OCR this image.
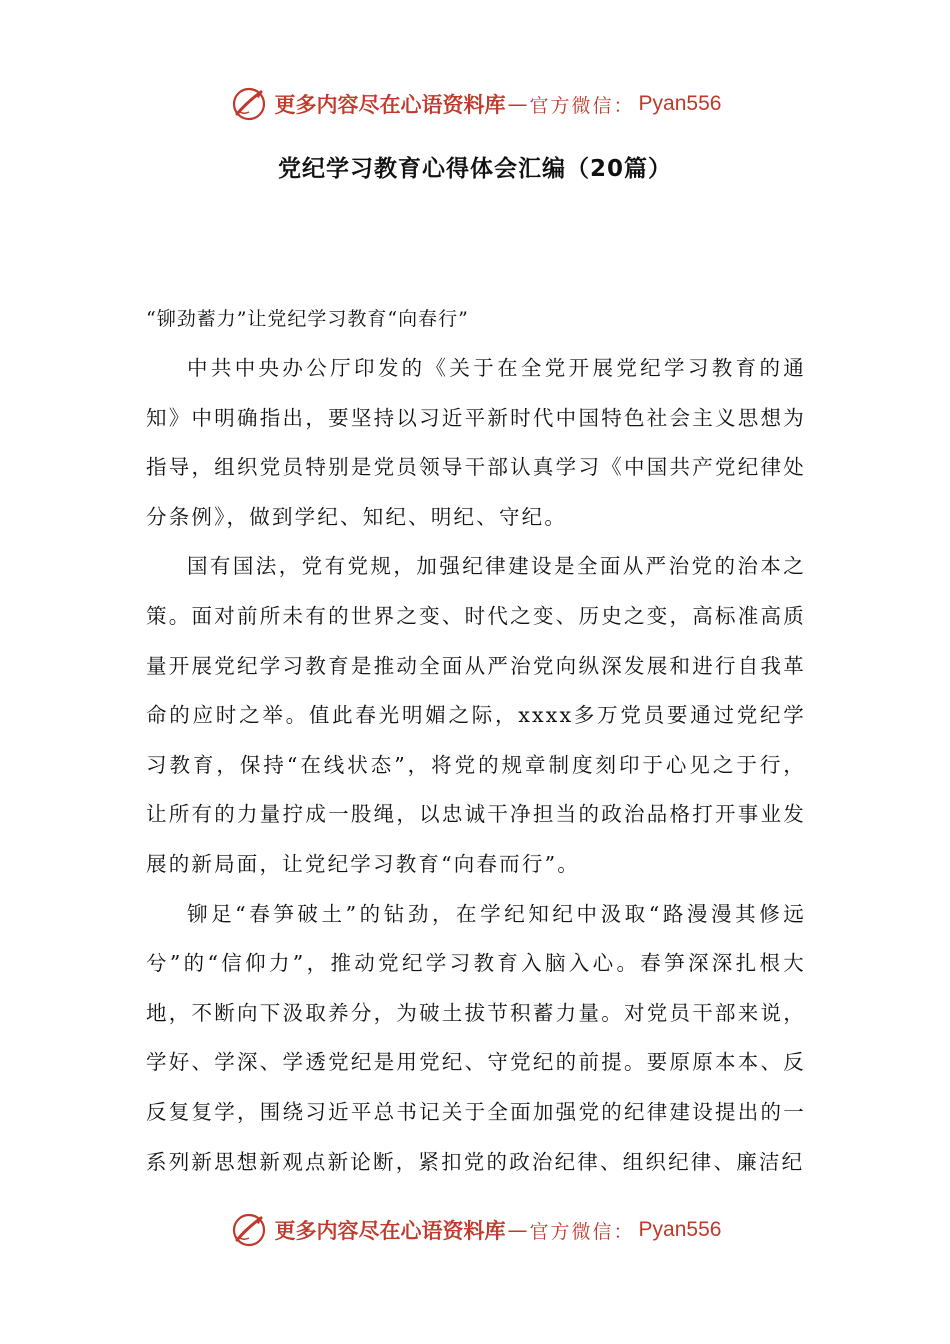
更多内容尽在心语资料库 — 官方微信： Pyan556
党纪学习教育心得体会汇编（20篇）
“铆劲蓄力”让党纪学习教育“向春行”

中共中央办公厅印发的《关于在全党开展党纪学习教育的通知》中明确指出，要坚持以习近平新时代中国特色社会主义思想为指导，组织党员特别是党员领导干部认真学习《中国共产党纪律处分条例》，做到学纪、知纪、明纪、守纪。

国有国法，党有党规，加强纪律建设是全面从严治党的治本之策。面对前所未有的世界之变、时代之变、历史之变，高标准高质量开展党纪学习教育是推动全面从严治党向纵深发展和进行自我革命的应时之举。值此春光明媚之际，xxxx多万党员要通过党纪学习教育，保持“在线状态”，将党的规章制度刻印于心见之于行，让所有的力量拧成一股绳，以忠诚干净担当的政治品格打开事业发展的新局面，让党纪学习教育“向春而行”。

铆足“春笋破土”的钻劲，在学纪知纪中汲取“路漫漫其修远兮”的“信仰力”，推动党纪学习教育入脑入心。春笋深深扎根大地，不断向下汲取养分，为破土拔节积蓄力量。对党员干部来说，学好、学深、学透党纪是用党纪、守党纪的前提。要原原本本、反反复复学，围绕习近平总书记关于全面加强党的纪律建设提出的一系列新思想新观点新论断，紧扣党的政治纪律、组织纪律、廉洁纪

更多内容尽在心语资料库 — 官方微信： Pyan556
